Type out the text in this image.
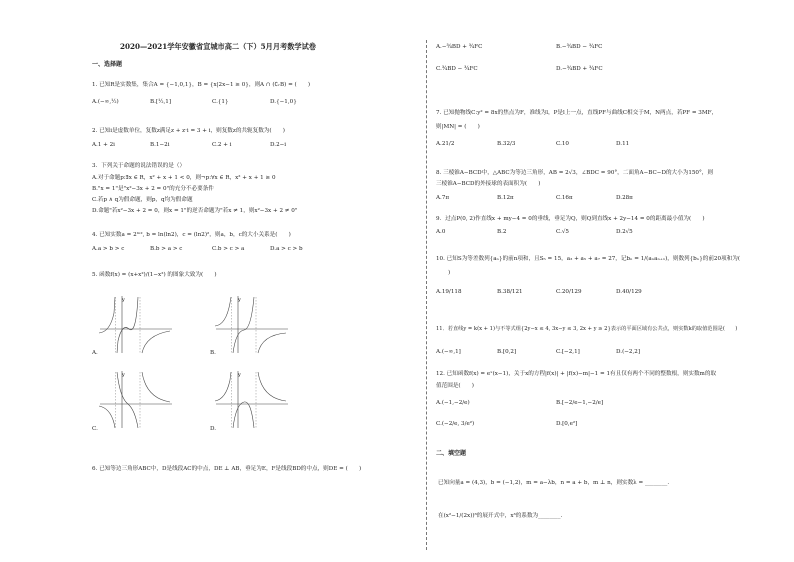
2020—2021学年安徽省宣城市高二（下）5月月考数学试卷
一、选择题
1. 已知R是实数集，集合A = {−1,0,1}，B = {x|2x−1 ≥ 0}，则A ∩ (∁ᵣB) = (　　)
A.(−∞,½)	B.[½,1]	C.{1}	D.{−1,0}
2. 已知i是虚数单位，复数z满足z + z·i = 3 + i，则复数z的共轭复数为(　　)
A.1 + 2i	B.1−2i	C.2 + i	D.2−i
3．下列关于命题的说法错误的是（）
A.对于命题p:∃x ∈ R，x² + x + 1 < 0，则¬p:∀x ∈ R，x² + x + 1 ≥ 0
B."x = 1"是"x²−3x + 2 = 0"的充分不必要条件
C.若p ∧ q为假命题，则p，q均为假命题
D.命题"若x²−3x + 2 = 0，则x = 1"的逆否命题为"若x ≠ 1，则x²−3x + 2 ≠ 0"
4. 已知实数a = 2ᴵⁿ², b = ln(ln2)，c = (ln2)²，则a，b，c的大小关系是(　　)
A.a > b > c	B.b > a > c	C.b > c > a	D.a > c > b
5. 函数f(x) = (x+x²)/(1−x²) 的图象大致为(　　)
y
A.
y
B.
y
C.
y
D.
6. 已知等边三角形ABC中，D是线段AC的中点，DE ⊥ AB，垂足为E，F是线段BD的中点，则DE = (　　)
A.−¾BD + ¾FC	B.−¾BD − ¾FC
C.¾BD − ¾FC	D.−¾BD + ¾FC
7. 已知抛物线C:y² = 8x的焦点为F，准线为l，P是l上一点，直线PF与曲线C相交于M，N两点，若PF = 3MF，
则|MN| = (　　)
A.21/2	B.32/3	C.10	D.11
8. 三棱锥A−BCD中，△ABC为等边三角形，AB = 2√3，∠BDC = 90°，二面角A−BC−D的大小为150°，则
三棱锥A−BCD的外接球的表面积为(　　)
A.7π	B.12π	C.16π	D.28π
9．过点P(0, 2)作直线x + my−4 = 0的垂线，垂足为Q，则Q到直线x + 2y−14 = 0的距离最小值为(　　)
A.0	B.2	C.√5	D.2√5
10. 已知S为等差数列{aₙ}的前n项和，且S₅ = 15，a₃ + a₅ + a₇ = 27，记bₙ = 1/(aₙaₙ₊₁)，则数列{bₙ}的前20项和为(
)
A.19/118	B.38/121	C.20/129	D.40/129
11．若直线y = k(x + 1)与不等式组{2y−x ≤ 4, 3x−y ≤ 3, 2x + y ≥ 2}表示的平面区域有公共点，则实数k的取值范围是(　　)
A.(−∞,1]	B.[0,2]	C.[−2,1]	D.(−2,2]
12. 已知函数f(x) = eˣ(x−1)，关于x的方程|f(x)| + |f(x)−m|−1 = 1有且仅有两个不同的整数根，则实数m的取
值范围是(　　)
A.(−1,−2/e)	B.[−2/e−1,−2/e]
C.(−2/e, 3/e²)	D.[0,e²]
二、填空题
已知向量a = (4,3)，b = (−1,2)，m = a−λb，n = a + b，m ⊥ n，则实数λ = ________.
在(x²−1/(2x))⁶的展开式中，x³的系数为________.
